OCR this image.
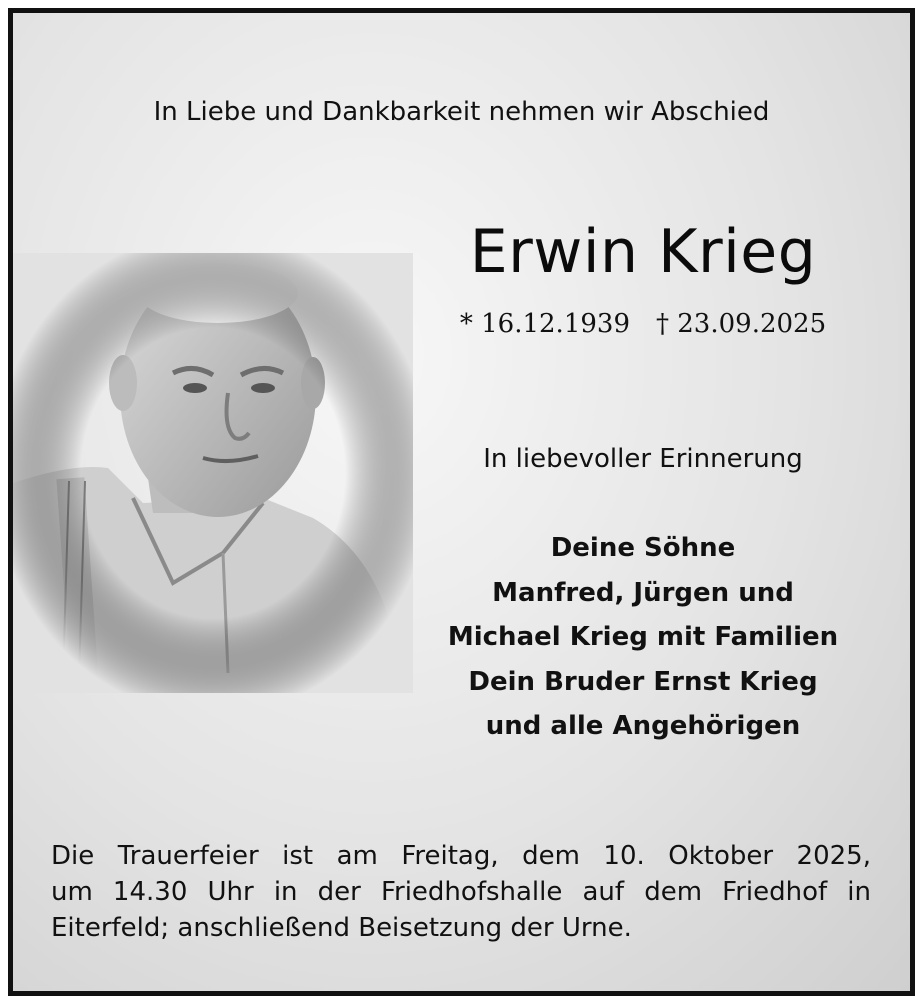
In Liebe und Dankbarkeit nehmen wir Abschied
Erwin Krieg
* 16.12.1939 † 23.09.2025
In liebevoller Erinnerung
Deine Söhne
Manfred, Jürgen und
Michael Krieg mit Familien
Dein Bruder Ernst Krieg
und alle Angehörigen
Die Trauerfeier ist am Freitag, dem 10. Oktober 2025,
um 14.30 Uhr in der Friedhofshalle auf dem Friedhof in
Eiterfeld; anschließend Beisetzung der Urne.
